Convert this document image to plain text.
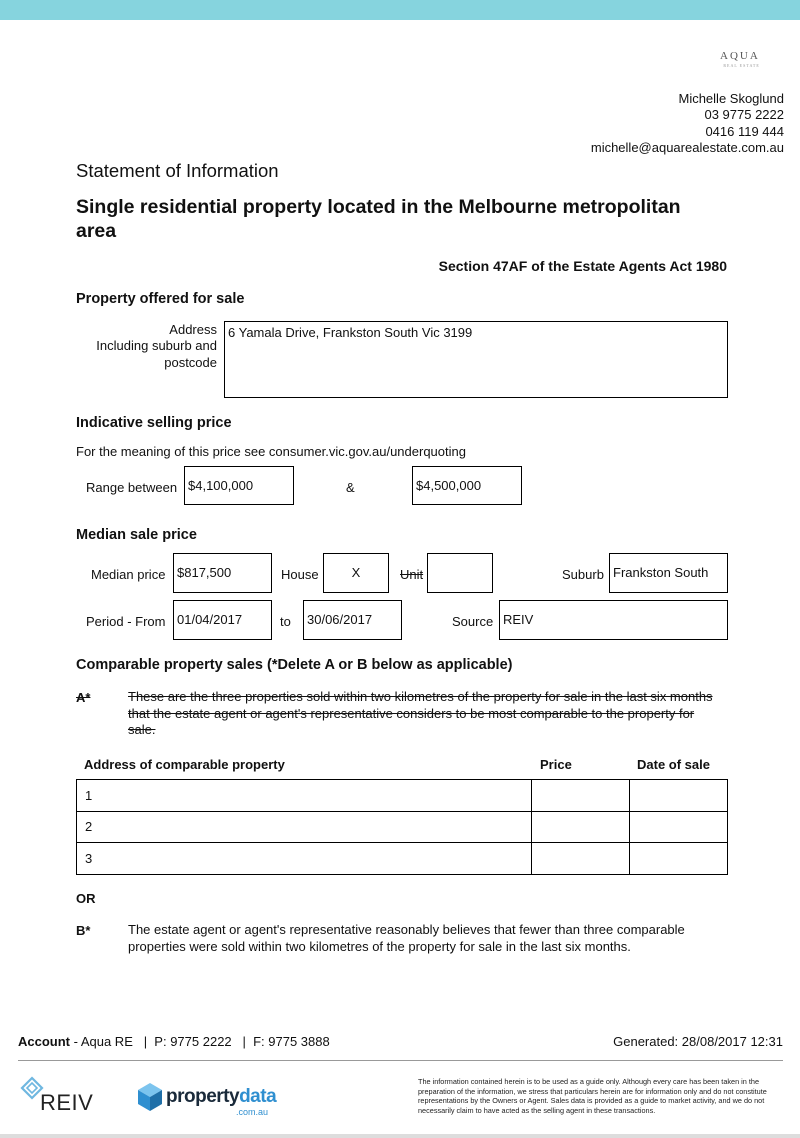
AQUA
REAL ESTATE
Michelle Skoglund
03 9775 2222
0416 119 444
michelle@aquarealestate.com.au
Statement of Information
Single residential property located in the Melbourne metropolitan area
Section 47AF of the Estate Agents Act 1980
Property offered for sale
Address
Including suburb and
postcode
6 Yamala Drive, Frankston South Vic 3199
Indicative selling price
For the meaning of this price see consumer.vic.gov.au/underquoting
Range between $4,100,000	&	$4,500,000
Median sale price
Median price $817,500	House	X	Unit	Suburb Frankston South
Period - From 01/04/2017	to	30/06/2017	Source REIV
Comparable property sales (*Delete A or B below as applicable)
A*	These are the three properties sold within two kilometres of the property for sale in the last six months that the estate agent or agent's representative considers to be most comparable to the property for sale.
Address of comparable property	Price	Date of sale
1		
2		
3		
OR
B*	The estate agent or agent's representative reasonably believes that fewer than three comparable properties were sold within two kilometres of the property for sale in the last six months.
Account - Aqua RE   |  P: 9775 2222   |  F: 9775 3888	Generated: 28/08/2017 12:31
REIV	propertydata
.com.au
The information contained herein is to be used as a guide only. Although every care has been taken in the preparation of the information, we stress that particulars herein are for information only and do not constitute representations by the Owners or Agent. Sales data is provided as a guide to market activity, and we do not necessarily claim to have acted as the selling agent in these transactions.
